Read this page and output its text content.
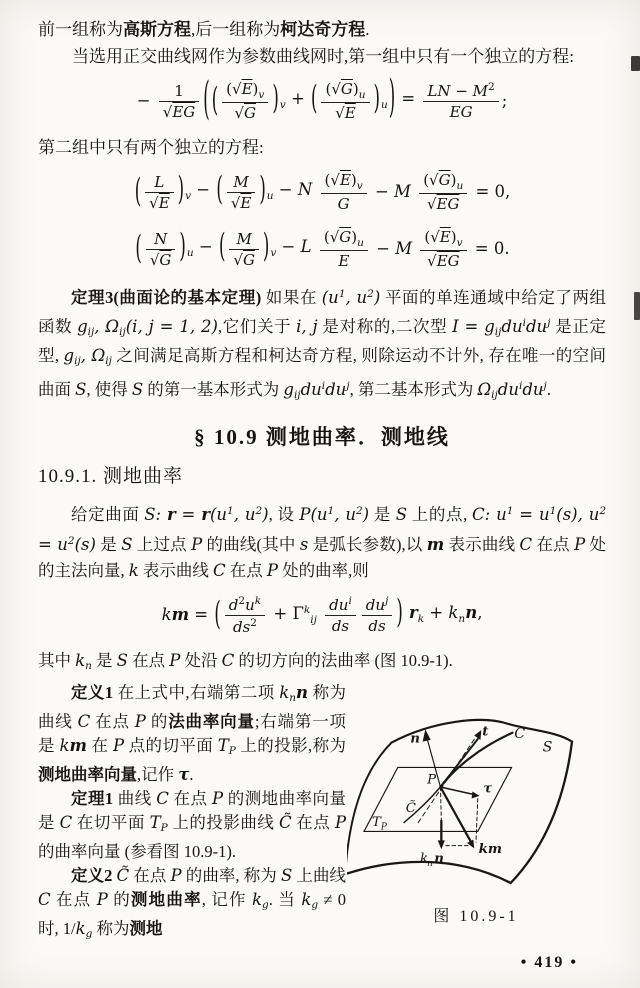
前一组称为高斯方程,后一组称为柯达奇方程.

当选用正交曲线网作为参数曲线网时,第一组中只有一个独立的方程:

− $\frac{1}{√EG}$ ( ( $\frac{(√E)_v}{√G} )_v$ + ( $\frac{(√G)_u}{√E} )_u) = \frac{LN - M^2}{EG}$ ;

第二组中只有两个独立的方程:

( $\frac{L}{√E} )_v$ − ( $\frac{M}{√E} )_u - N \frac{(√E)_v}{G} - M \frac{(√G)_u}{√EG} = 0$,
( $\frac{N}{√G} )_u$ − ( $\frac{M}{√G} )_v - L \frac{(√G)_u}{E} - M \frac{(√E)_v}{√EG} = 0$.

定理3(曲面论的基本定理) 如果在 ($u^1$, $u^2$) 平面的单连通域中给定了两组函数 gij, Ωij(i, j = 1, 2),它们关于 i, j 是对称的,二次型 $I = gijdu^idu^j$ 是正定型, gij, Ωij 之间满足高斯方程和柯达奇方程, 则除运动不计外, 存在唯一的空间曲面 S, 使得 S 的第一基本形式为 $gijdu^idu^j$, 第二基本形式为 $\Omega ijdu^idu^j$.

§ 10.9 测地曲率．测地线
10.9.1. 测地曲率

给定曲面 S: $r = r(u^1$, $u^2$), 设 $P(u^1$, $u^2$) 是 S 上的点, C: $u^1 = u^1(s)$, $u^2 = u^2(s)$ 是 S 上过点 P 的曲线(其中 s 是弧长参数),以 m 表示曲线 C 在点 P 处的主法向量, k 表示曲线 C 在点 P 处的曲率,则

km = ( $\frac{d^2u^k}{ds^2} + \Gamma^k_{ij} \frac{du^i}{ds} \frac{du^j}{ds}$ ) $r_k + k_nn$,

其中 kn 是 S 在点 P 处沿 C 的切方向的法曲率 (图 10.9-1).

定义1 在上式中,右端第二项 knn 称为曲线 C 在点 P 的法曲率向量;右端第一项是 km 在 P 点的切平面 TP 上的投影,称为测地曲率向量,记作 τ.

定理1 曲线 C 在点 P 的测地曲率向量是 C 在切平面 TP 上的投影曲线 C̃ 在点 P 的曲率向量 (参看图 10.9-1).

定义2 C̃ 在点 P 的曲率, 称为 S 上曲线 C 在点 P 的测地曲率, 记作 kg. 当 kg ≠ 0 时, 1/kg 称为测地

n	t C
S
P
C̃
τ
T P
k n n
km
图 10.9-1
• 419 •
